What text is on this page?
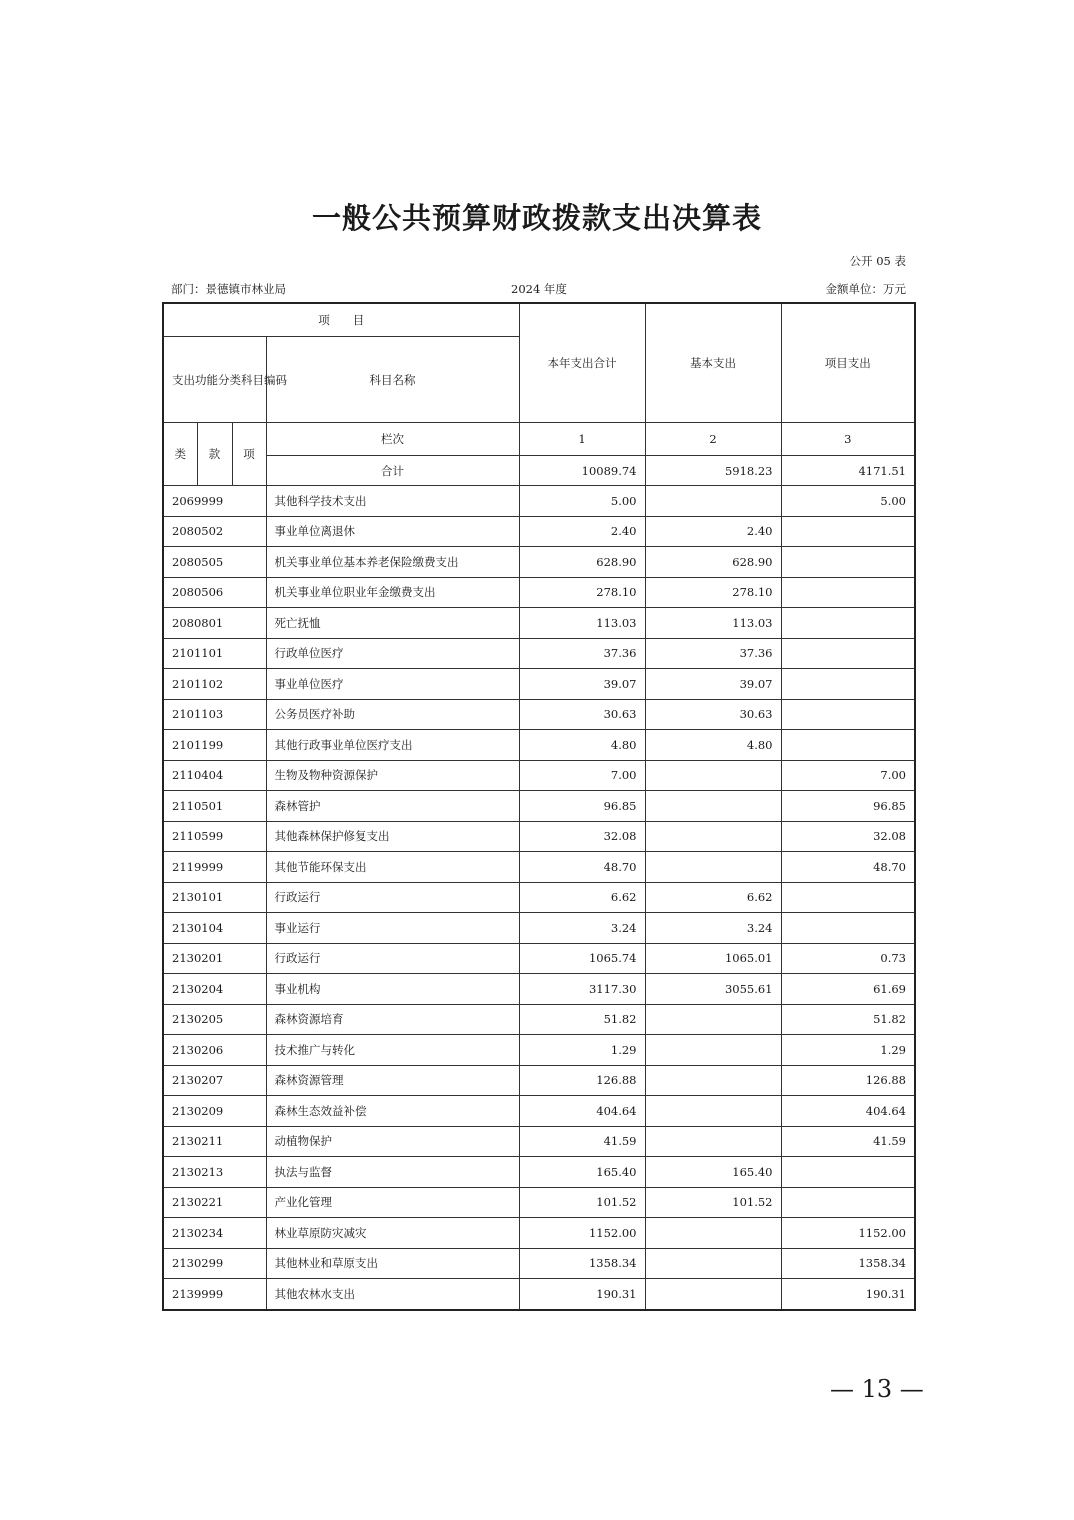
一般公共预算财政拨款支出决算表
公开 05 表
部门：景德镇市林业局	2024 年度	金额单位：万元
项　　目				本年支出合计	基本支出	项目支出
支出功能分类科目编码			科目名称			
类	款	项	栏次	1	2	3
			合计	10089.74	5918.23	4171.51
2069999			其他科学技术支出	5.00		5.00
2080502			事业单位离退休	2.40	2.40	
2080505			机关事业单位基本养老保险缴费支出	628.90	628.90	
2080506			机关事业单位职业年金缴费支出	278.10	278.10	
2080801			死亡抚恤	113.03	113.03	
2101101			行政单位医疗	37.36	37.36	
2101102			事业单位医疗	39.07	39.07	
2101103			公务员医疗补助	30.63	30.63	
2101199			其他行政事业单位医疗支出	4.80	4.80	
2110404			生物及物种资源保护	7.00		7.00
2110501			森林管护	96.85		96.85
2110599			其他森林保护修复支出	32.08		32.08
2119999			其他节能环保支出	48.70		48.70
2130101			行政运行	6.62	6.62	
2130104			事业运行	3.24	3.24	
2130201			行政运行	1065.74	1065.01	0.73
2130204			事业机构	3117.30	3055.61	61.69
2130205			森林资源培育	51.82		51.82
2130206			技术推广与转化	1.29		1.29
2130207			森林资源管理	126.88		126.88
2130209			森林生态效益补偿	404.64		404.64
2130211			动植物保护	41.59		41.59
2130213			执法与监督	165.40	165.40	
2130221			产业化管理	101.52	101.52	
2130234			林业草原防灾减灾	1152.00		1152.00
2130299			其他林业和草原支出	1358.34		1358.34
2139999			其他农林水支出	190.31		190.31
— 13 —
